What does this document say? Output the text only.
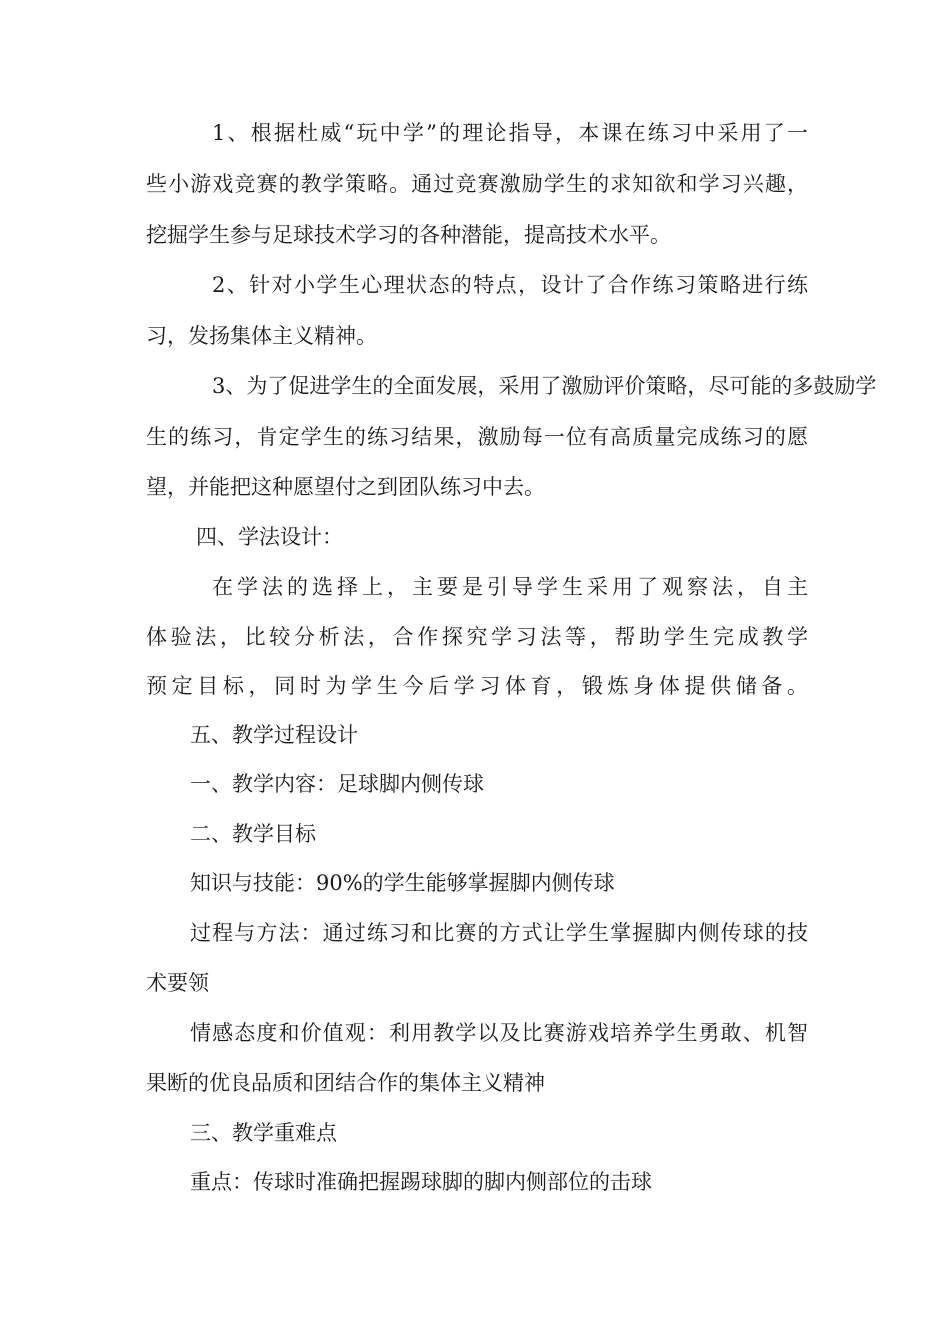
1、根据杜威“玩中学”的理论指导，本课在练习中采用了一
些小游戏竞赛的教学策略。通过竞赛激励学生的求知欲和学习兴趣，
挖掘学生参与足球技术学习的各种潜能，提高技术水平。
2、针对小学生心理状态的特点，设计了合作练习策略进行练
习，发扬集体主义精神。
3、为了促进学生的全面发展，采用了激励评价策略，尽可能的多鼓励学
生的练习，肯定学生的练习结果，激励每一位有高质量完成练习的愿
望，并能把这种愿望付之到团队练习中去。
四、学法设计：
在学法的选择上，主要是引导学生采用了观察法，自主
体验法，比较分析法，合作探究学习法等，帮助学生完成教学
预定目标，同时为学生今后学习体育，锻炼身体提供储备。
五、教学过程设计
一、教学内容：足球脚内侧传球
二、教学目标
知识与技能：90%的学生能够掌握脚内侧传球
过程与方法：通过练习和比赛的方式让学生掌握脚内侧传球的技
术要领
情感态度和价值观：利用教学以及比赛游戏培养学生勇敢、机智
果断的优良品质和团结合作的集体主义精神
三、教学重难点
重点：传球时准确把握踢球脚的脚内侧部位的击球
